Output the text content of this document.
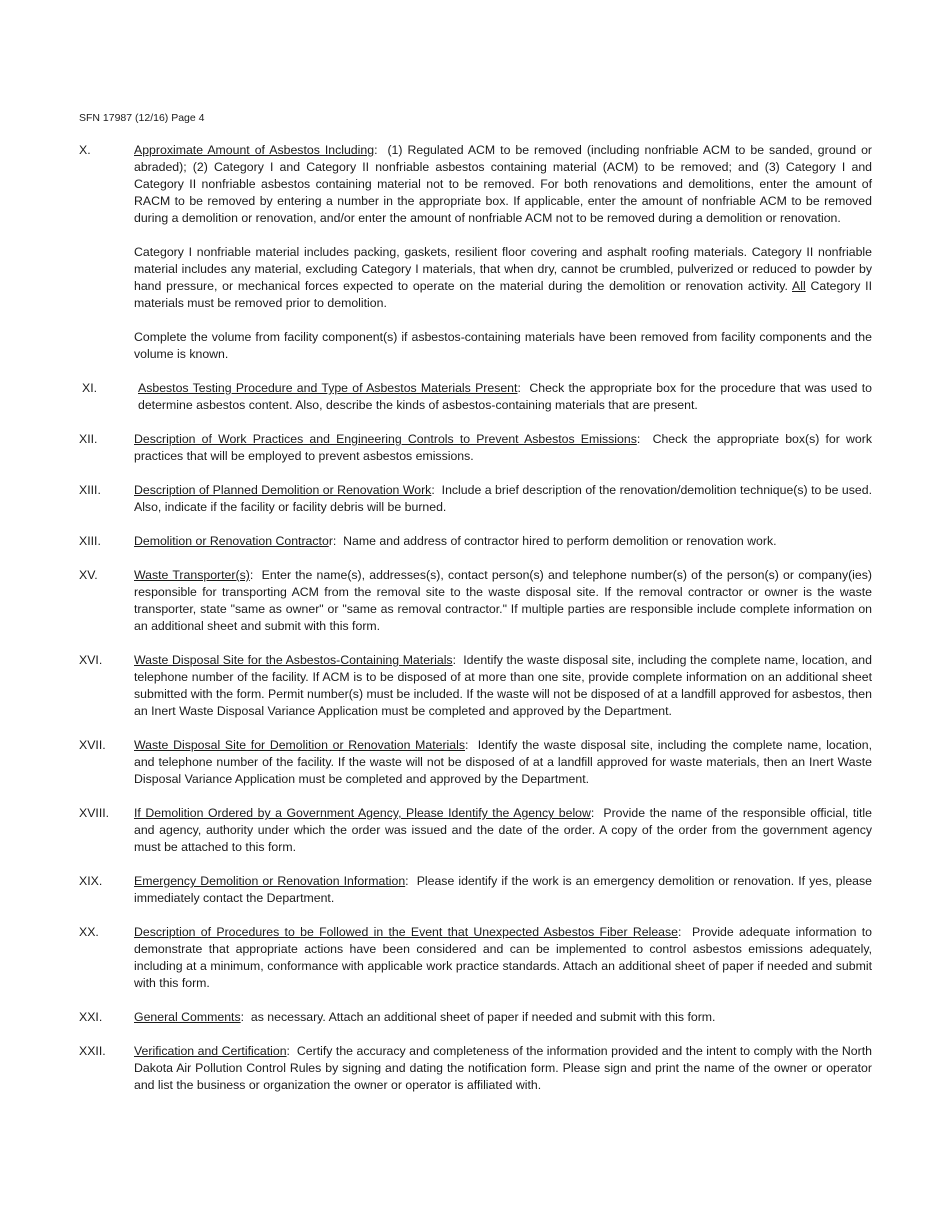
SFN 17987 (12/16) Page 4
X.	Approximate Amount of Asbestos Including:  (1) Regulated ACM to be removed (including nonfriable ACM to be sanded, ground or abraded); (2) Category I and Category II nonfriable asbestos containing material (ACM) to be removed; and (3) Category I and Category II nonfriable asbestos containing material not to be removed. For both renovations and demolitions, enter the amount of RACM to be removed by entering a number in the appropriate box. If applicable, enter the amount of nonfriable ACM to be removed during a demolition or renovation, and/or enter the amount of nonfriable ACM not to be removed during a demolition or renovation.
Category I nonfriable material includes packing, gaskets, resilient floor covering and asphalt roofing materials. Category II nonfriable material includes any material, excluding Category I materials, that when dry, cannot be crumbled, pulverized or reduced to powder by hand pressure, or mechanical forces expected to operate on the material during the demolition or renovation activity. All Category II materials must be removed prior to demolition.
Complete the volume from facility component(s) if asbestos-containing materials have been removed from facility components and the volume is known.
XI.	Asbestos Testing Procedure and Type of Asbestos Materials Present:  Check the appropriate box for the procedure that was used to determine asbestos content. Also, describe the kinds of asbestos-containing materials that are present.
XII.	Description of Work Practices and Engineering Controls to Prevent Asbestos Emissions:  Check the appropriate box(s) for work practices that will be employed to prevent asbestos emissions.
XIII.	Description of Planned Demolition or Renovation Work:  Include a brief description of the renovation/demolition technique(s) to be used. Also, indicate if the facility or facility debris will be burned.
XIII.	Demolition or Renovation Contractor:  Name and address of contractor hired to perform demolition or renovation work.
XV.	Waste Transporter(s):  Enter the name(s), addresses(s), contact person(s) and telephone number(s) of the person(s) or company(ies) responsible for transporting ACM from the removal site to the waste disposal site. If the removal contractor or owner is the waste transporter, state "same as owner" or "same as removal contractor." If multiple parties are responsible include complete information on an additional sheet and submit with this form.
XVI.	Waste Disposal Site for the Asbestos-Containing Materials:  Identify the waste disposal site, including the complete name, location, and telephone number of the facility. If ACM is to be disposed of at more than one site, provide complete information on an additional sheet submitted with the form. Permit number(s) must be included. If the waste will not be disposed of at a landfill approved for asbestos, then an Inert Waste Disposal Variance Application must be completed and approved by the Department.
XVII. Waste Disposal Site for Demolition or Renovation Materials:  Identify the waste disposal site, including the complete name, location, and telephone number of the facility. If the waste will not be disposed of at a landfill approved for waste materials, then an Inert Waste Disposal Variance Application must be completed and approved by the Department.
XVIII. If Demolition Ordered by a Government Agency, Please Identify the Agency below:  Provide the name of the responsible official, title and agency, authority under which the order was issued and the date of the order. A copy of the order from the government agency must be attached to this form.
XIX.	Emergency Demolition or Renovation Information:  Please identify if the work is an emergency demolition or renovation. If yes, please immediately contact the Department.
XX.	Description of Procedures to be Followed in the Event that Unexpected Asbestos Fiber Release:  Provide adequate information to demonstrate that appropriate actions have been considered and can be implemented to control asbestos emissions adequately, including at a minimum, conformance with applicable work practice standards. Attach an additional sheet of paper if needed and submit with this form.
XXI.	General Comments:  as necessary. Attach an additional sheet of paper if needed and submit with this form.
XXII. Verification and Certification:  Certify the accuracy and completeness of the information provided and the intent to comply with the North Dakota Air Pollution Control Rules by signing and dating the notification form. Please sign and print the name of the owner or operator and list the business or organization the owner or operator is affiliated with.
